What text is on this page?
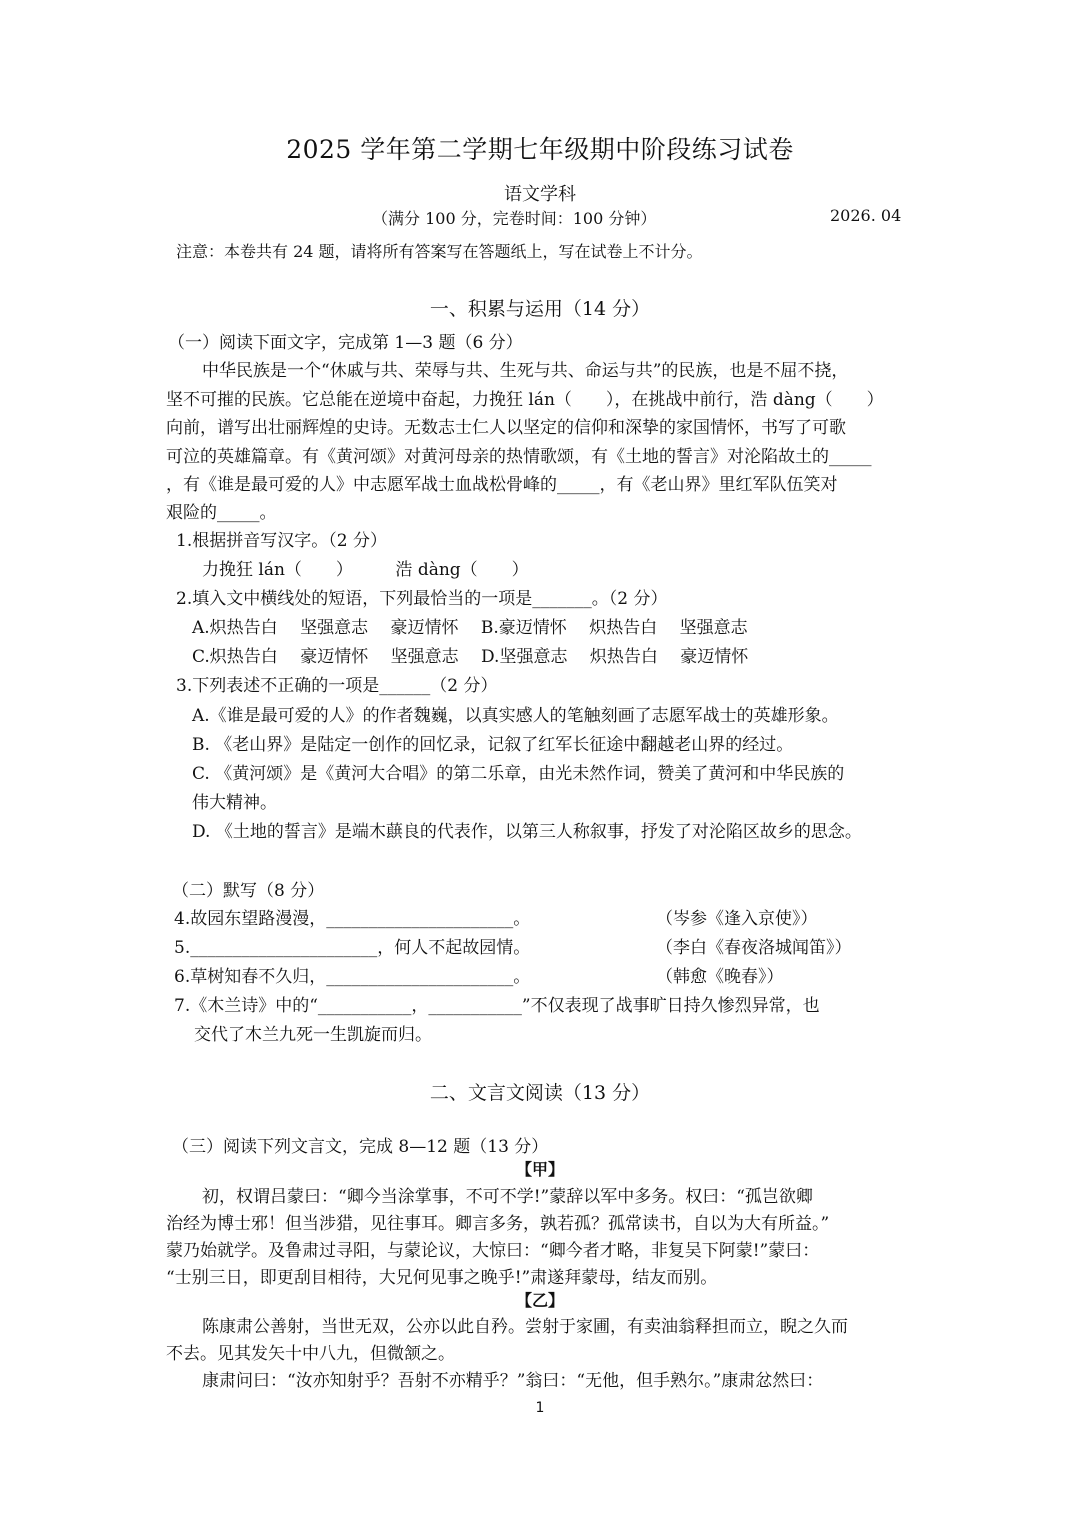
2025 学年第二学期七年级期中阶段练习试卷
语文学科
（满分 100 分，完卷时间：100 分钟）	2026. 04
注意：本卷共有 24 题，请将所有答案写在答题纸上，写在试卷上不计分。
一、积累与运用（14 分）
（一）阅读下面文字，完成第 1—3 题（6 分）
中华民族是一个“休戚与共、荣辱与共、生死与共、命运与共”的民族，也是不屈不挠，
坚不可摧的民族。它总能在逆境中奋起，力挽狂 lán（　　），在挑战中前行，浩 dàng（　　）
向前，谱写出壮丽辉煌的史诗。无数志士仁人以坚定的信仰和深挚的家国情怀，书写了可歌
可泣的英雄篇章。有《黄河颂》对黄河母亲的热情歌颂，有《土地的誓言》对沦陷故土的_____
，有《谁是最可爱的人》中志愿军战士血战松骨峰的_____，有《老山界》里红军队伍笑对
艰险的_____。
1.根据拼音写汉字。（2 分）
力挽狂 lán（　　）　　　浩 dàng（　　）
2.填入文中横线处的短语，下列最恰当的一项是_______。（2 分）
A.炽热告白　 坚强意志　 豪迈情怀　 B.豪迈情怀　 炽热告白　 坚强意志
C.炽热告白　 豪迈情怀　 坚强意志　 D.坚强意志　 炽热告白　 豪迈情怀
3.下列表述不正确的一项是______（2 分）
A.《谁是最可爱的人》的作者魏巍，以真实感人的笔触刻画了志愿军战士的英雄形象。
B. 《老山界》是陆定一创作的回忆录，记叙了红军长征途中翻越老山界的经过。
C. 《黄河颂》是《黄河大合唱》的第二乐章，由光未然作词，赞美了黄河和中华民族的
伟大精神。
D. 《土地的誓言》是端木蕻良的代表作，以第三人称叙事，抒发了对沦陷区故乡的思念。
（二）默写（8 分）
4.故园东望路漫漫，______________________。	（岑参《逢入京使》）
5.______________________，何人不起故园情。	（李白《春夜洛城闻笛》）
6.草树知春不久归，______________________。	（韩愈《晚春》）
7.《木兰诗》中的“___________，___________”不仅表现了战事旷日持久惨烈异常，也
交代了木兰九死一生凯旋而归。
二、文言文阅读（13 分）
（三）阅读下列文言文，完成 8—12 题（13 分）
【甲】
初，权谓吕蒙曰：“卿今当涂掌事，不可不学!”蒙辞以军中多务。权曰：“孤岂欲卿
治经为博士邪！但当涉猎，见往事耳。卿言多务，孰若孤？孤常读书，自以为大有所益。”
蒙乃始就学。及鲁肃过寻阳，与蒙论议，大惊曰：“卿今者才略，非复吴下阿蒙!”蒙曰：
“士别三日，即更刮目相待，大兄何见事之晚乎!”肃遂拜蒙母，结友而别。
【乙】
陈康肃公善射，当世无双，公亦以此自矜。尝射于家圃，有卖油翁释担而立，睨之久而
不去。见其发矢十中八九，但微颔之。
康肃问曰：“汝亦知射乎？吾射不亦精乎？”翁曰：“无他，但手熟尔。”康肃忿然曰：
1
